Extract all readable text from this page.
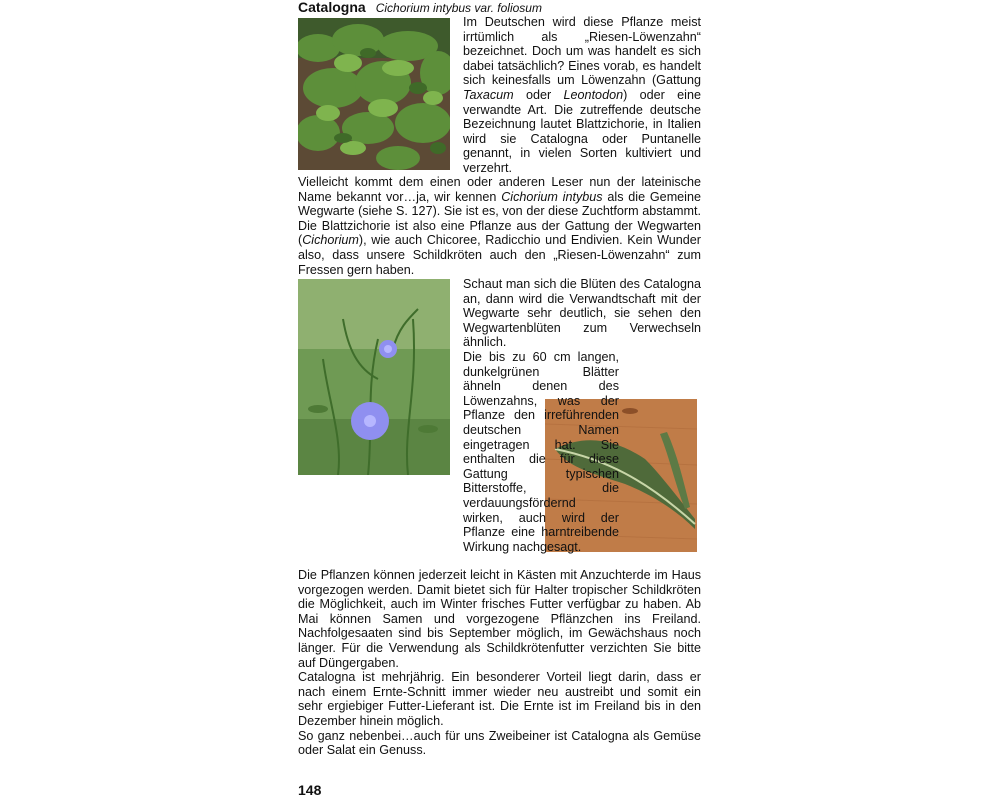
Catalogna Cichorium intybus var. foliosum

Im Deutschen wird diese Pflanze meist irrtümlich als „Riesen-Löwenzahn“ bezeichnet. Doch um was handelt es sich dabei tatsächlich? Eines vorab, es handelt sich keinesfalls um Löwenzahn (Gattung Taxacum oder Leontodon) oder eine verwandte Art. Die zutreffende deutsche Bezeichnung lautet Blattzichorie, in Italien wird sie Catalogna oder Puntanelle genannt, in vielen Sorten kultiviert und verzehrt.

Vielleicht kommt dem einen oder anderen Leser nun der lateinische Name bekannt vor…ja, wir kennen Cichorium intybus als die Gemeine Wegwarte (siehe S. 127). Sie ist es, von der diese Zuchtform abstammt. Die Blattzichorie ist also eine Pflanze aus der Gattung der Wegwarten (Cichorium), wie auch Chicoree, Radicchio und Endivien. Kein Wunder also, dass unsere Schildkröten auch den „Riesen-Löwenzahn“ zum Fressen gern haben.

Schaut man sich die Blüten des Catalogna an, dann wird die Verwandtschaft mit der Wegwarte sehr deutlich, sie sehen den Wegwartenblüten zum Verwechseln ähnlich.

Die bis zu 60 cm langen, dunkelgrünen Blätter ähneln denen des Löwenzahns, was der Pflanze den irreführenden deutschen Namen eingetragen hat. Sie enthalten die für diese Gattung typischen Bitterstoffe, die verdauungsfördernd wirken, auch wird der Pflanze eine harntreibende Wirkung nachgesagt.

Die Pflanzen können jederzeit leicht in Kästen mit Anzuchterde im Haus vorgezogen werden. Damit bietet sich für Halter tropischer Schildkröten die Möglichkeit, auch im Winter frisches Futter verfügbar zu haben. Ab Mai können Samen und vorgezogene Pflänzchen ins Freiland. Nachfolgesaaten sind bis September möglich, im Gewächshaus noch länger. Für die Verwendung als Schildkrötenfutter verzichten Sie bitte auf Düngergaben.

Catalogna ist mehrjährig. Ein besonderer Vorteil liegt darin, dass er nach einem Ernte-Schnitt immer wieder neu austreibt und somit ein sehr ergiebiger Futter-Lieferant ist. Die Ernte ist im Freiland bis in den Dezember hinein möglich.

So ganz nebenbei…auch für uns Zweibeiner ist Catalogna als Gemüse oder Salat ein Genuss.

148
